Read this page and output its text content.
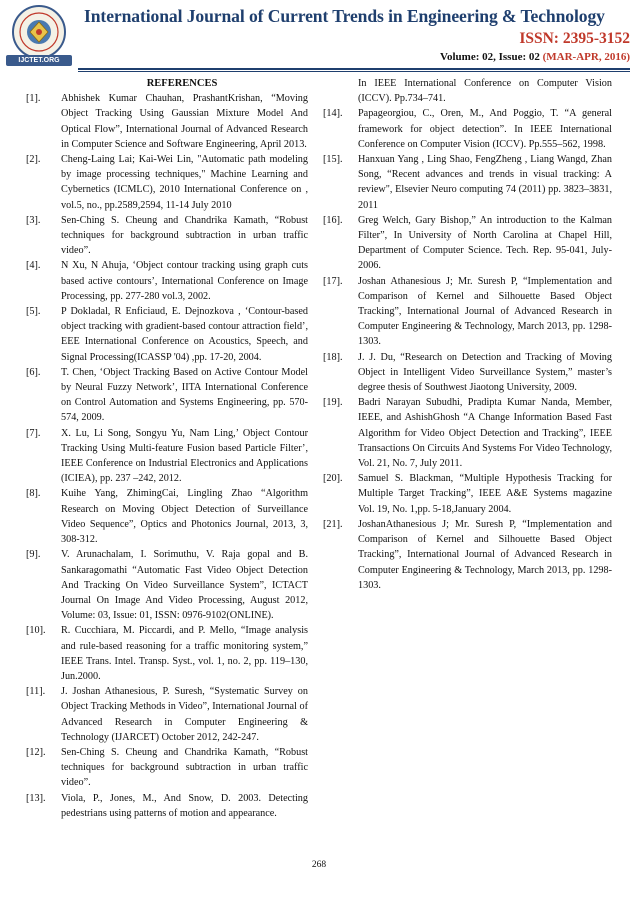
IJCTET.ORG
International Journal of Current Trends in Engineering & Technology
ISSN: 2395-3152
Volume: 02, Issue: 02 (MAR-APR, 2016)
REFERENCES
[1].	Abhishek Kumar Chauhan, PrashantKrishan, “Moving Object Tracking Using Gaussian Mixture Model And Optical Flow”, International Journal of Advanced Research in Computer Science and Software Engineering, April 2013.
[2].	Cheng-Laing Lai; Kai-Wei Lin, "Automatic path modeling by image processing techniques," Machine Learning and Cybernetics (ICMLC), 2010 International Conference on , vol.5, no., pp.2589,2594, 11-14 July 2010
[3].	Sen-Ching S. Cheung and Chandrika Kamath, “Robust techniques for background subtraction in urban traffic video”.
[4].	N Xu, N Ahuja, ‘Object contour tracking using graph cuts based active contours’, International Conference on Image Processing, pp. 277-280 vol.3, 2002.
[5].	P Dokladal, R Enficiaud, E. Dejnozkova , ‘Contour-based object tracking with gradient-based contour attraction field’, EEE International Conference on Acoustics, Speech, and Signal Processing(ICASSP '04) ,pp. 17-20, 2004.
[6].	T. Chen, ‘Object Tracking Based on Active Contour Model by Neural Fuzzy Network’, IITA International Conference on Control Automation and Systems Engineering, pp. 570-574, 2009.
[7].	X. Lu, Li Song, Songyu Yu, Nam Ling,’ Object Contour Tracking Using Multi-feature Fusion based Particle Filter’, IEEE Conference on Industrial Electronics and Applications (ICIEA), pp. 237 –242, 2012.
[8].	Kuihe Yang, ZhimingCai, Lingling Zhao “Algorithm Research on Moving Object Detection of Surveillance Video Sequence”, Optics and Photonics Journal, 2013, 3, 308-312.
[9].	V. Arunachalam, I. Sorimuthu, V. Raja gopal and B. Sankaragomathi “Automatic Fast Video Object Detection And Tracking On Video Surveillance System”, ICTACT Journal On Image And Video Processing, August 2012, Volume: 03, Issue: 01, ISSN: 0976-9102(ONLINE).
[10].	R. Cucchiara, M. Piccardi, and P. Mello, “Image analysis and rule-based reasoning for a traffic monitoring system,” IEEE Trans. Intel. Transp. Syst., vol. 1, no. 2, pp. 119–130, Jun.2000.
[11].	J. Joshan Athanesious, P. Suresh, “Systematic Survey on Object Tracking Methods in Video”, International Journal of Advanced Research in Computer Engineering & Technology (IJARCET) October 2012, 242-247.
[12].	Sen-Ching S. Cheung and Chandrika Kamath, “Robust techniques for background subtraction in urban traffic video”.
[13].	Viola, P., Jones, M., And Snow, D. 2003. Detecting pedestrians using patterns of motion and appearance.
In IEEE International Conference on Computer Vision (ICCV). Pp.734–741.
[14].	Papageorgiou, C., Oren, M., And Poggio, T. “A general framework for object detection”. In IEEE International Conference on Computer Vision (ICCV). Pp.555–562, 1998.
[15].	Hanxuan Yang , Ling Shao, FengZheng , Liang Wangd, Zhan Song, “Recent advances and trends in visual tracking: A review", Elsevier Neuro computing 74 (2011) pp. 3823–3831, 2011
[16].	Greg Welch, Gary Bishop,” An introduction to the Kalman Filter”, In University of North Carolina at Chapel Hill, Department of Computer Science. Tech. Rep. 95-041, July-2006.
[17].	Joshan Athanesious J; Mr. Suresh P, “Implementation and Comparison of Kernel and Silhouette Based Object Tracking”, International Journal of Advanced Research in Computer Engineering & Technology, March 2013, pp. 1298-1303.
[18].	J. J. Du, “Research on Detection and Tracking of Moving Object in Intelligent Video Surveillance System,” master’s degree thesis of Southwest Jiaotong University, 2009.
[19].	Badri Narayan Subudhi, Pradipta Kumar Nanda, Member, IEEE, and AshishGhosh “A Change Information Based Fast Algorithm for Video Object Detection and Tracking”, IEEE Transactions On Circuits And Systems For Video Technology, Vol. 21, No. 7, July 2011.
[20].	Samuel S. Blackman, “Multiple Hypothesis Tracking for Multiple Target Tracking”, IEEE A&E Systems magazine Vol. 19, No. 1,pp. 5-18,January 2004.
[21].	JoshanAthanesious J; Mr. Suresh P, “Implementation and Comparison of Kernel and Silhouette Based Object Tracking”, International Journal of Advanced Research in Computer Engineering & Technology, March 2013, pp. 1298-1303.
268
